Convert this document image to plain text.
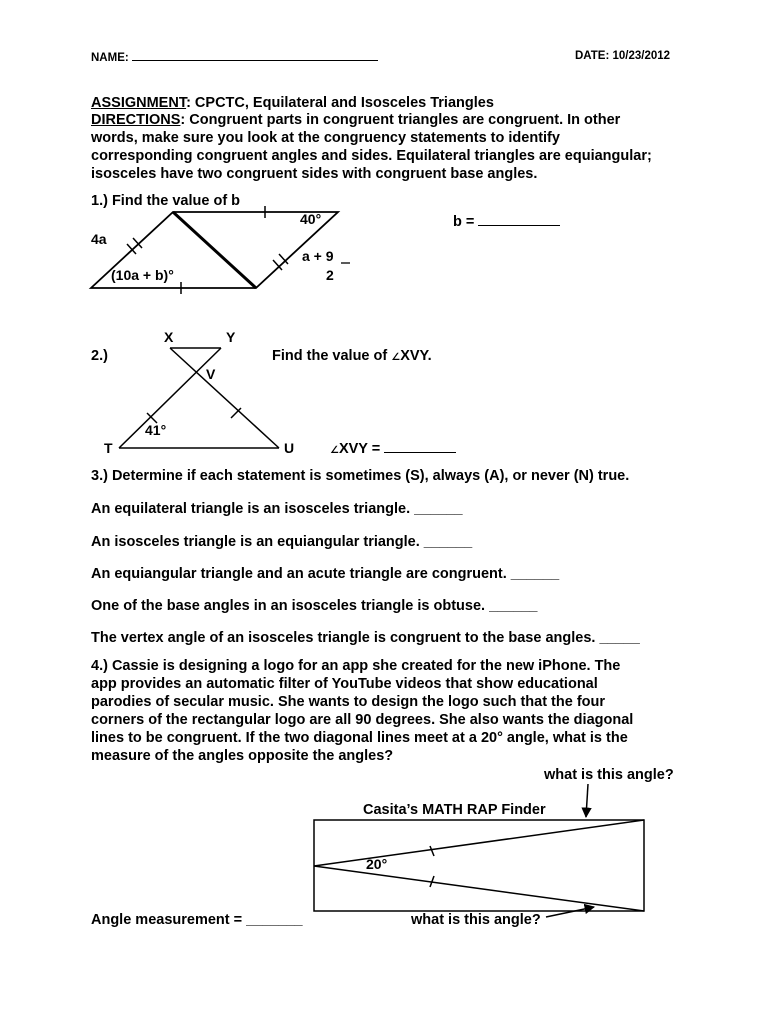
NAME:	DATE: 10/23/2012
ASSIGNMENT: CPCTC, Equilateral and Isosceles Triangles
DIRECTIONS: Congruent parts in congruent triangles are congruent. In other
words, make sure you look at the congruency statements to identify
corresponding congruent angles and sides. Equilateral triangles are equiangular;
isosceles have two congruent sides with congruent base angles.
1.) Find the value of b
b =
2.)	Find the value of ∠XVY.
∠XVY =
3.) Determine if each statement is sometimes (S), always (A), or never (N) true.
An equilateral triangle is an isosceles triangle. ______
An isosceles triangle is an equiangular triangle. ______
An equiangular triangle and an acute triangle are congruent. ______
One of the base angles in an isosceles triangle is obtuse. ______
The vertex angle of an isosceles triangle is congruent to the base angles. _____
4.) Cassie is designing a logo for an app she created for the new iPhone. The
app provides an automatic filter of YouTube videos that show educational
parodies of secular music. She wants to design the logo such that the four
corners of the rectangular logo are all 90 degrees. She also wants the diagonal
lines to be congruent. If the two diagonal lines meet at a 20° angle, what is the
measure of the angles opposite the angles?
what is this angle?
Casita’s MATH RAP Finder
Angle measurement = _______	what is this angle?
4a
40°
(10a + b)°
a + 9
2
X	Y
V
T	U
41°
20°
